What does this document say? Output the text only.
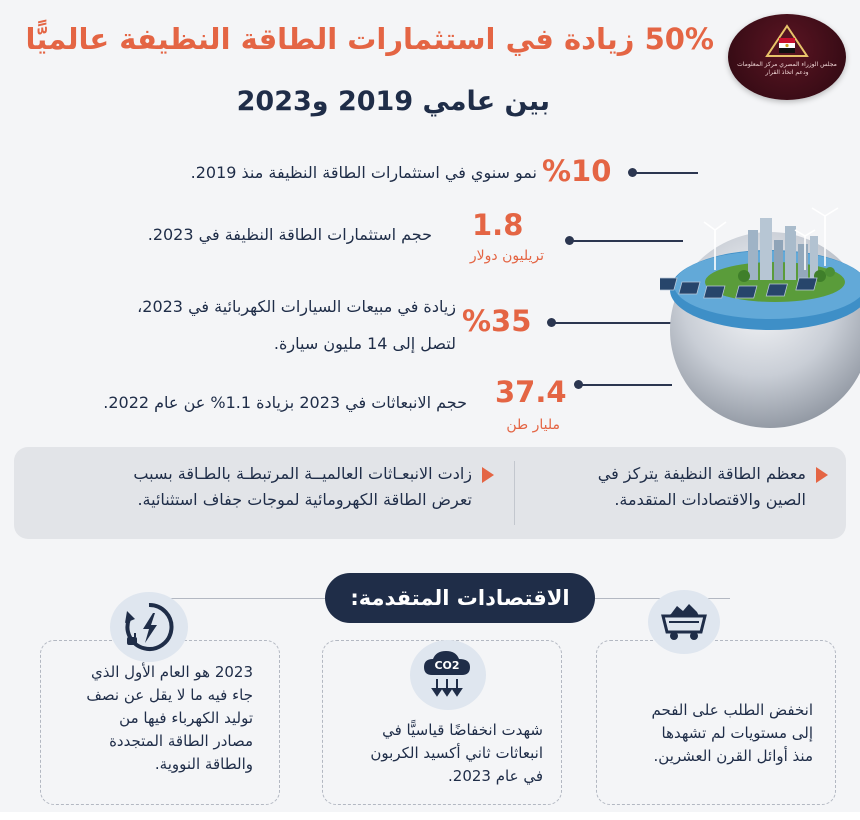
مجلس الوزراء المصري مركز المعلومات ودعم اتخاذ القرار
50% زيادة في استثمارات الطاقة النظيفة عالميًّا
بين عامي 2019 و2023
نمو سنوي في استثمارات الطاقة النظيفة منذ 2019. %10
حجم استثمارات الطاقة النظيفة في 2023. 1.8
تريليون دولار
زيادة في مبيعات السيارات الكهربائية في 2023،
لتصل إلى 14 مليون سيارة.
%35
حجم الانبعاثات في 2023 بزيادة 1.1% عن عام 2022. 37.4
مليار طن
معظم الطاقة النظيفة يتركز في
الصين والاقتصادات المتقدمة.
زادت الانبعـاثات العالميــة المرتبطـة بالطـاقة بسبب
تعرض الطاقة الكهرومائية لموجات جفاف استثنائية.
الاقتصادات المتقدمة:
انخفض الطلب على الفحم
إلى مستويات لم تشهدها
منذ أوائل القرن العشرين.
شهدت انخفاضًا قياسيًّا في
انبعاثات ثاني أكسيد الكربون
في عام 2023.
CO2
2023 هو العام الأول الذي
جاء فيه ما لا يقل عن نصف
توليد الكهرباء فيها من
مصادر الطاقة المتجددة
والطاقة النووية.
